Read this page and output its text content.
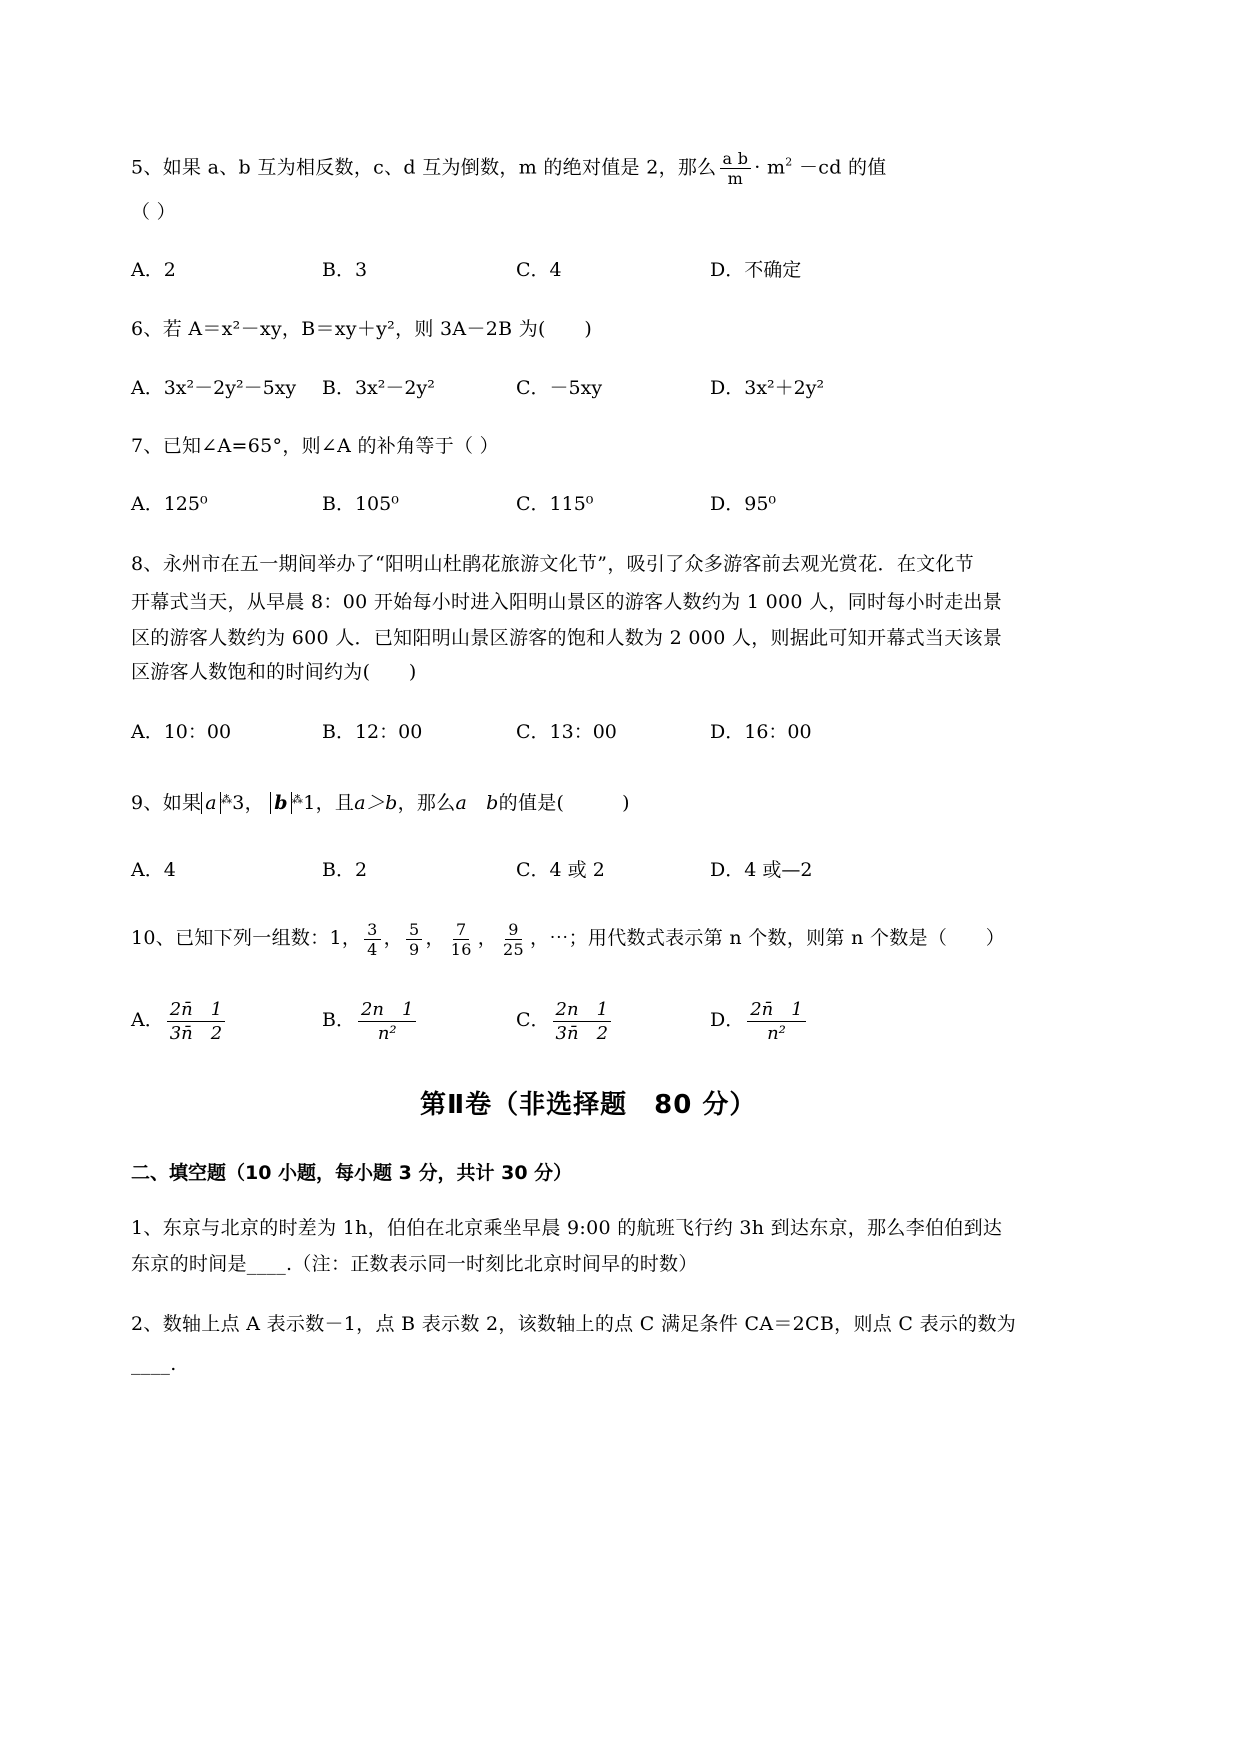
5、如果 a、b 互为相反数，c、d 互为倒数，m 的绝对值是 2，那么 $\frac{\text{a b}}{m} \cdot m^2 -cd$ 的值
（ ）
A．2	B．3	C．4	D．不确定
6、若 A＝x²－xy，B＝xy＋y²，则 3A－2B 为(　　)
A．3x²－2y²－5xy B．3x²－2y²	C．－5xy	D．3x²＋2y²
7、已知∠A=65°，则∠A 的补角等于（ ）
A．125⁰	B．105⁰	C．115⁰	D．95⁰
8、永州市在五一期间举办了“阳明山杜鹃花旅游文化节”，吸引了众多游客前去观光赏花．在文化节
开幕式当天，从早晨 8：00 开始每小时进入阳明山景区的游客人数约为 1 000 人，同时每小时走出景
区的游客人数约为 600 人．已知阳明山景区游客的饱和人数为 2 000 人，则据此可知开幕式当天该景
区游客人数饱和的时间约为(　　)
A．10：00	B．12：00	C．13：00	D．16：00
9、如果 a ⁂3， b ⁂1，且a＞b，那么a b的值是(　　　)
A．4	B．2	C．4 或 2	D．4 或—2
10、已知下列一组数：1， $\frac{3}{4}$ ， $\frac{5}{9}$ ， $\frac{7}{16}$ ， $\frac{9}{25}$ ，⋯；用代数式表示第 n 个数，则第 n 个数是（　　）
A． $\frac{2n̄ 1}{3n̄ 2}$	B． $\frac{2n 1}{\text{n²}}$	C． $\frac{2n 1}{3n̄ 2}$	D． $\frac{2n̄ 1}{\text{n²}}$
第Ⅱ卷（非选择题　80 分）
二、填空题（10 小题，每小题 3 分，共计 30 分）
1、东京与北京的时差为 1h，伯伯在北京乘坐早晨 9:00 的航班飞行约 3h 到达东京，那么李伯伯到达
东京的时间是____.（注：正数表示同一时刻比北京时间早的时数）
2、数轴上点 A 表示数－1，点 B 表示数 2，该数轴上的点 C 满足条件 CA＝2CB，则点 C 表示的数为
____.
